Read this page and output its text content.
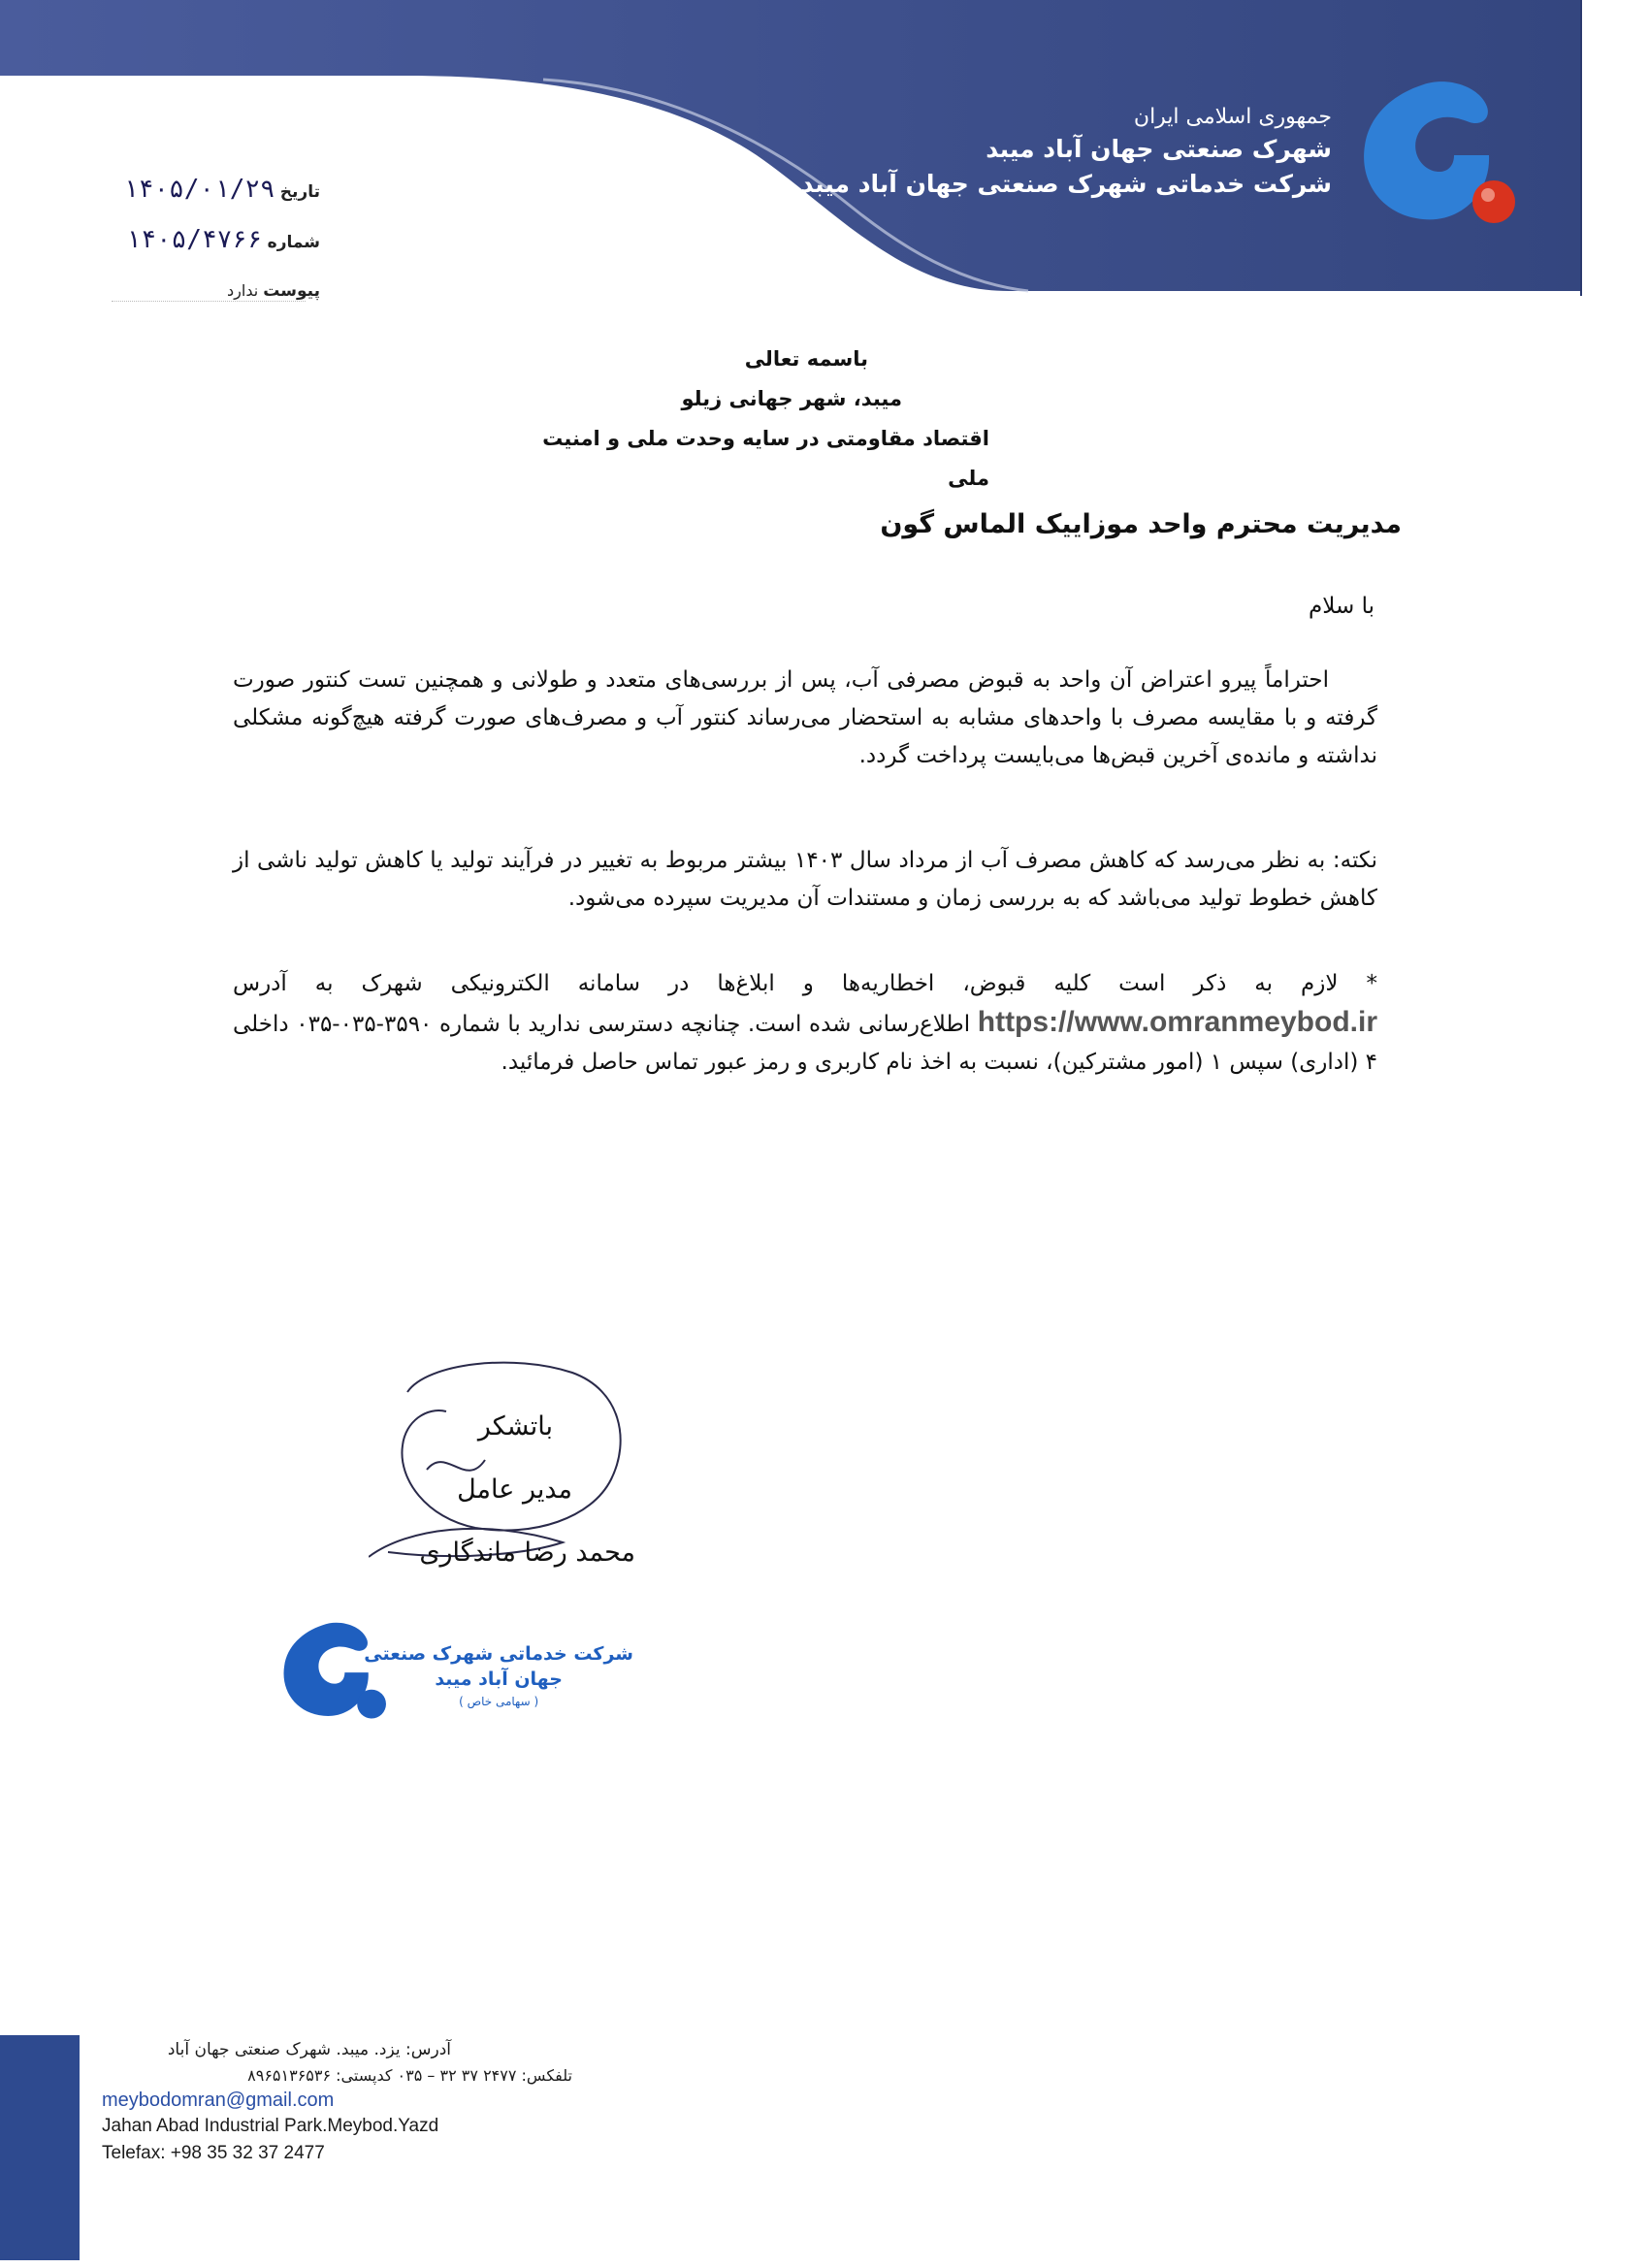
جمهوری اسلامی ایران
شهرک صنعتی جهان آباد میبد
شرکت خدماتی شهرک صنعتی جهان آباد میبد
تاریخ ۱۴۰۵/۰۱/۲۹
شماره ۱۴۰۵/۴۷۶۶
پیوست ندارد
باسمه تعالی
میبد، شهر جهانی زیلو
اقتصاد مقاومتی در سایه وحدت ملی و امنیت ملی
مدیریت محترم واحد موزاییک الماس گون
با سلام
احتراماً پیرو اعتراض آن واحد به قبوض مصرفی آب، پس از بررسی‌های متعدد و طولانی و همچنین تست کنتور صورت گرفته و با مقایسه مصرف با واحدهای مشابه به استحضار می‌رساند کنتور آب و مصرف‌های صورت گرفته هیچ‌گونه مشکلی نداشته و مانده‌ی آخرین قبض‌ها می‌بایست پرداخت گردد.
نکته: به نظر می‌رسد که کاهش مصرف آب از مرداد سال ۱۴۰۳ بیشتر مربوط به تغییر در فرآیند تولید یا کاهش تولید ناشی از کاهش خطوط تولید می‌باشد که به بررسی زمان و مستندات آن مدیریت سپرده می‌شود.
* لازم به ذکر است کلیه قبوض، اخطاریه‌ها و ابلاغ‌ها در سامانه الکترونیکی شهرک به آدرس https://www.omranmeybod.ir اطلاع‌رسانی شده است. چنانچه دسترسی ندارید با شماره ۳۵۹۰-۰۳۵-۰۳۵ داخلی ۴ (اداری) سپس ۱ (امور مشترکین)، نسبت به اخذ نام کاربری و رمز عبور تماس حاصل فرمائید.
باتشکر
مدیر عامل
محمد رضا ماندگاری
شرکت خدماتی شهرک صنعتی
جهان آباد میبد
( سهامی خاص )
آدرس: یزد. میبد. شهرک صنعتی جهان آباد
تلفکس: ۲۴۷۷ ۳۷ ۳۲ – ۰۳۵ کدپستی: ۸۹۶۵۱۳۶۵۳۶
meybodomran@gmail.com
Jahan Abad Industrial Park.Meybod.Yazd
Telefax: +98 35 32 37 2477
